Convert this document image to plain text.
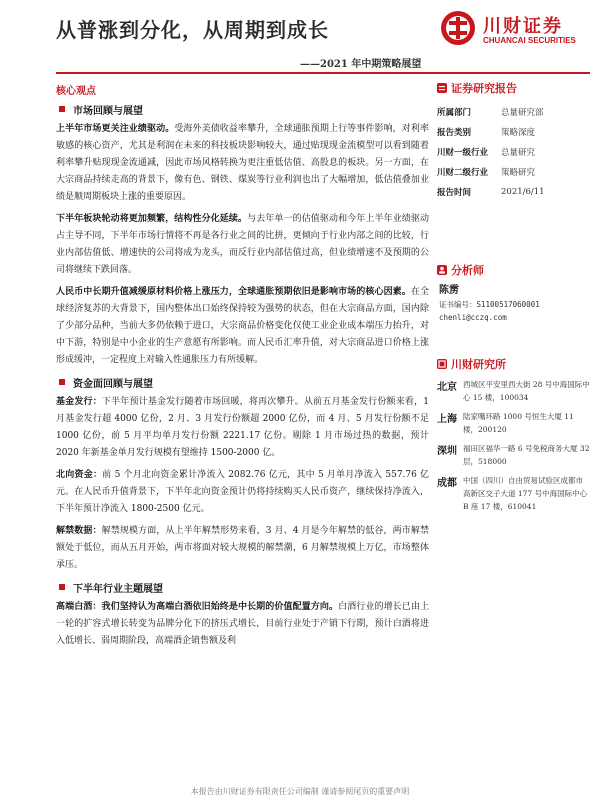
从普涨到分化，从周期到成长	川财证券
CHUANCAI SECURITIES
——2021 年中期策略展望
核心观点
市场回顾与展望
上半年市场更关注业绩驱动。受海外美债收益率攀升，全球通胀预期上行等事件影响，对利率敏感的核心资产，尤其是利润在未来的科技板块影响较大，通过贴现现金流模型可以看到随着利率攀升贴现现金流通减，因此市场风格转换为更注重低估值、高股息的板块。另一方面，在大宗商品持续走高的背景下，像有色、钢铁、煤炭等行业利润也出了大幅增加，低估值叠加业绩是顺周期板块上涨的重要原因。
下半年板块轮动将更加频繁，结构性分化延续。与去年单一的估值驱动和今年上半年业绩驱动占主导不同，下半年市场行情将不再是各行业之间的比拼，更倾向于行业内部之间的比较，行业内部估值低、增速快的公司将成为龙头，而反行业内部估值过高，但业绩增速不及预期的公司将继续下跌回落。
人民币中长期升值减缓原材料价格上涨压力，全球通胀预期依旧是影响市场的核心因素。在全球经济复苏的大背景下，国内整体出口始终保持较为强势的状态，但在大宗商品方面，国内除了少部分品种，当前大多仍依赖于进口，大宗商品价格变化仅使工业企业成本端压力抬升，对中下游，特别是中小企业的生产意愿有所影响。而人民币汇率升值，对大宗商品进口价格上涨形成缓冲，一定程度上对输入性通胀压力有所缓解。
资金面回顾与展望
基金发行：下半年预计基金发行随着市场回暖，将再次攀升。从前五月基金发行份额来看，1 月基金发行超 4000 亿份，2 月、3 月发行份额超 2000 亿份，而 4 月、5 月发行份额不足 1000 亿份，前 5 月平均单月发行份额 2221.17 亿份。剔除 1 月市场过热的数据，预计 2020 年新基金单月发行规模有望维持 1500-2000 亿。
北向资金：前 5 个月北向资金累计净流入 2082.76 亿元，其中 5 月单月净流入 557.76 亿元。在人民币升值背景下，下半年北向资金预计仍将持续购买人民币资产，继续保持净流入，下半年预计净流入 1800-2500 亿元。
解禁数据：解禁规模方面，从上半年解禁形势来看，3 月、4 月是今年解禁的低谷，两市解禁额处于低位，而从五月开始，两市将面对较大规模的解禁潮，6 月解禁规模上万亿，市场整体承压。
下半年行业主题展望
高端白酒：我们坚持认为高端白酒依旧始终是中长期的价值配置方向。白酒行业的增长已由上一轮的扩容式增长转变为品牌分化下的挤压式增长，目前行业处于产销下行期，预计白酒将进入低增长、弱周期阶段，高端酒企销售额及利
证券研究报告
所属部门	总量研究部
报告类别	策略深度
川财一级行业	总量研究
川财二级行业	策略研究
报告时间	2021/6/11
分析师
陈雳
证书编号：S1100517060001
chenli@cczq.com
川财研究所
北京 西城区平安里西大街 28 号中海国际中心 15 楼，100034
上海 陆家嘴环路 1000 号恒生大厦 11 楼，200120
深圳 福田区福华一路 6 号免税商务大厦 32 层，518000
成都 中国（四川）自由贸易试验区成都市高新区交子大道 177 号中海国际中心 B 座 17 楼，610041
本报告由川财证券有限责任公司编制 谨请参阅尾页的重要声明
